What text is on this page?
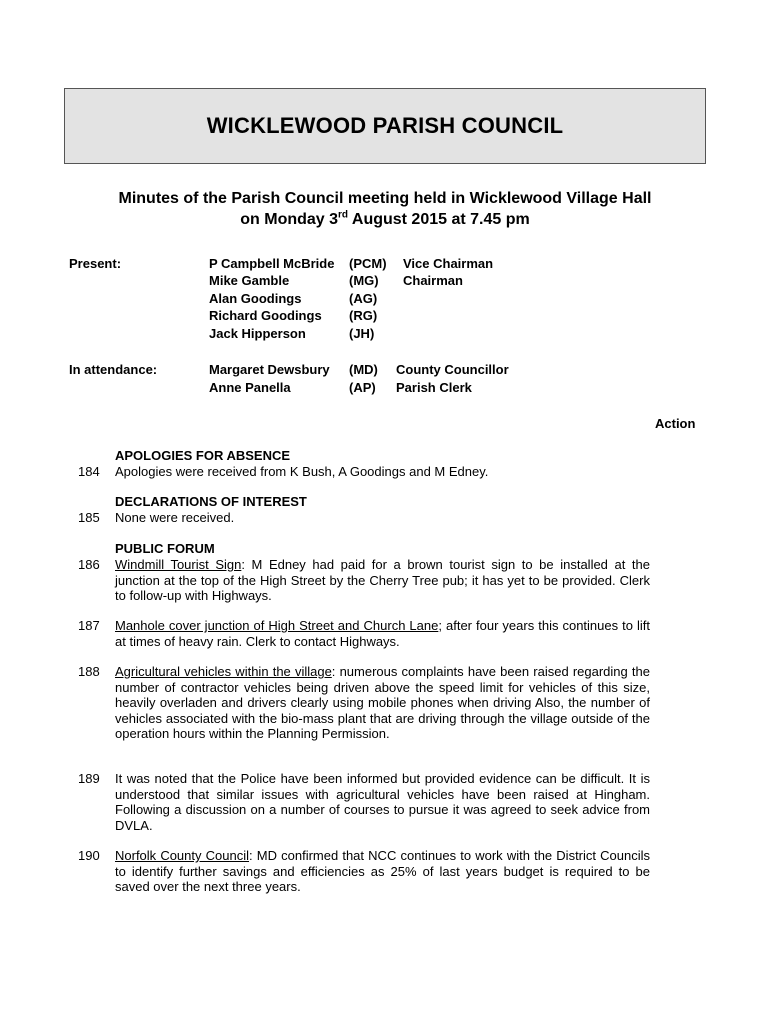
WICKLEWOOD PARISH COUNCIL
Minutes of the Parish Council meeting held in Wicklewood Village Hall
on Monday 3rd August 2015 at 7.45 pm
Present:	P Campbell McBride (PCM) Vice Chairman
Mike Gamble	(MG) Chairman
Alan Goodings	(AG)
Richard Goodings (RG)
Jack Hipperson	(JH)
In attendance:	Margaret Dewsbury (MD) County Councillor
Anne Panella	(AP) Parish Clerk
Action
APOLOGIES FOR ABSENCE
184 Apologies were received from K Bush, A Goodings and M Edney.
DECLARATIONS OF INTEREST
185 None were received.
PUBLIC FORUM
186 Windmill Tourist Sign: M Edney had paid for a brown tourist sign to be installed at the junction at the top of the High Street by the Cherry Tree pub; it has yet to be provided. Clerk to follow-up with Highways.
187 Manhole cover junction of High Street and Church Lane; after four years this continues to lift at times of heavy rain. Clerk to contact Highways.
188 Agricultural vehicles within the village: numerous complaints have been raised regarding the number of contractor vehicles being driven above the speed limit for vehicles of this size, heavily overladen and drivers clearly using mobile phones when driving Also, the number of vehicles associated with the bio-mass plant that are driving through the village outside of the operation hours within the Planning Permission.
189 It was noted that the Police have been informed but provided evidence can be difficult. It is understood that similar issues with agricultural vehicles have been raised at Hingham. Following a discussion on a number of courses to pursue it was agreed to seek advice from DVLA.
190 Norfolk County Council: MD confirmed that NCC continues to work with the District Councils to identify further savings and efficiencies as 25% of last years budget is required to be saved over the next three years.
